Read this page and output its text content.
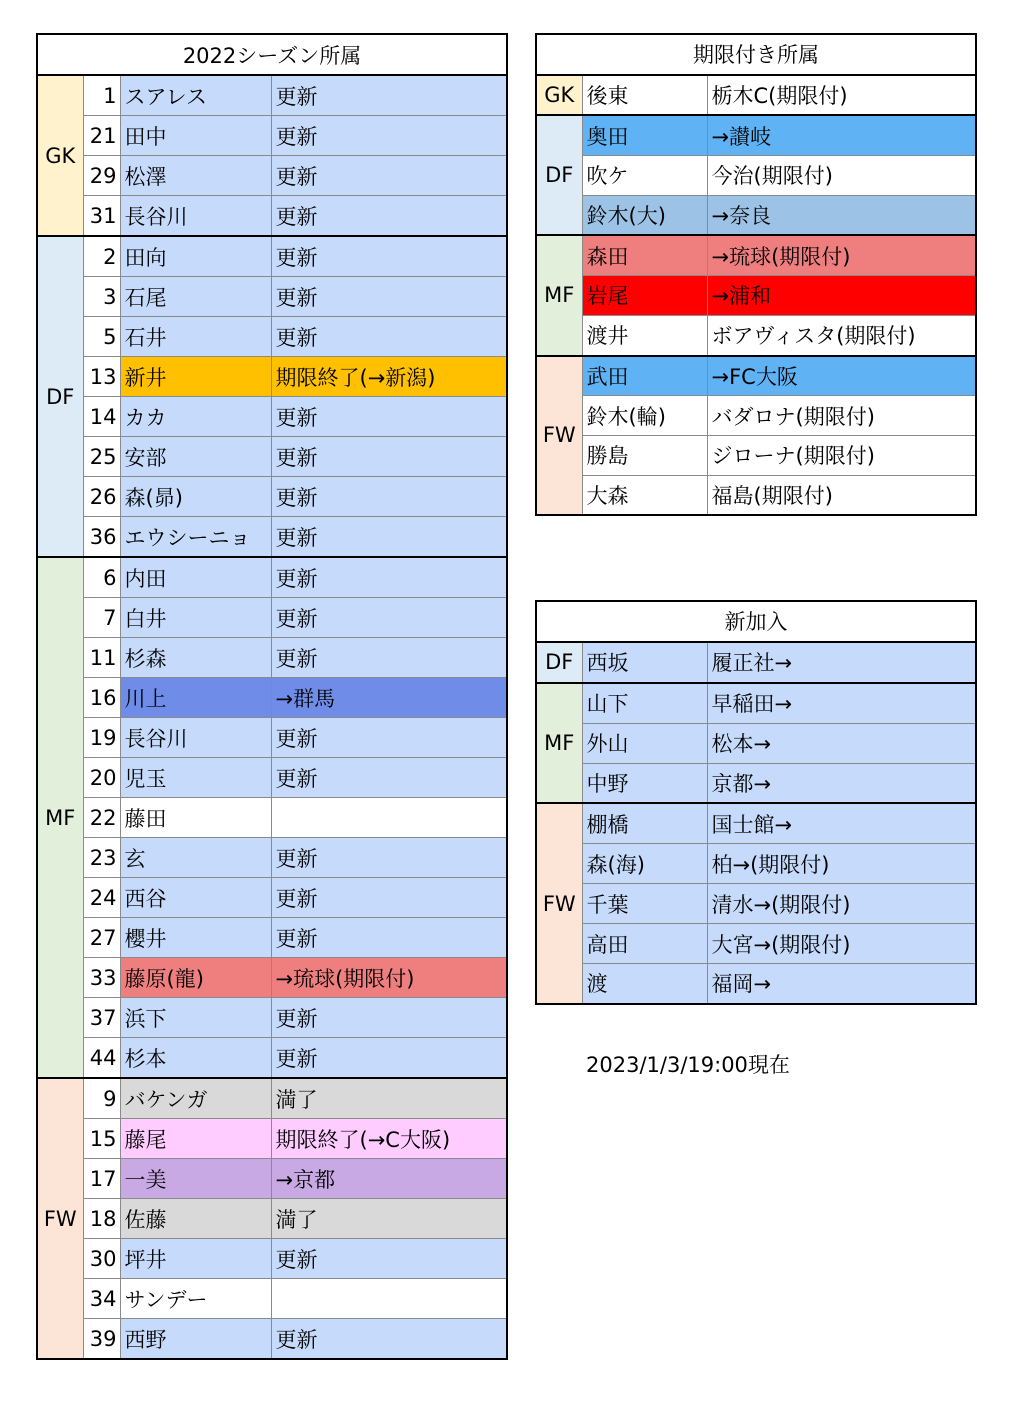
2022シーズン所属			
GK	1	スアレス	更新
	21	田中	更新
	29	松澤	更新
	31	長谷川	更新
DF	2	田向	更新
	3	石尾	更新
	5	石井	更新
	13	新井	期限終了(→新潟)
	14	カカ	更新
	25	安部	更新
	26	森(昴)	更新
	36	エウシーニョ	更新
MF	6	内田	更新
	7	白井	更新
	11	杉森	更新
	16	川上	→群馬
	19	長谷川	更新
	20	児玉	更新
	22	藤田	
	23	玄	更新
	24	西谷	更新
	27	櫻井	更新
	33	藤原(龍)	→琉球(期限付)
	37	浜下	更新
	44	杉本	更新
FW	9	バケンガ	満了
	15	藤尾	期限終了(→C大阪)
	17	一美	→京都
	18	佐藤	満了
	30	坪井	更新
	34	サンデー	
	39	西野	更新
期限付き所属		
GK	後東	栃木C(期限付)
DF	奥田	→讃岐
	吹ケ	今治(期限付)
	鈴木(大)	→奈良
MF	森田	→琉球(期限付)
	岩尾	→浦和
	渡井	ボアヴィスタ(期限付)
FW	武田	→FC大阪
	鈴木(輪)	バダロナ(期限付)
	勝島	ジローナ(期限付)
	大森	福島(期限付)
新加入		
DF	西坂	履正社→
MF	山下	早稲田→
	外山	松本→
	中野	京都→
FW	棚橋	国士館→
	森(海)	柏→(期限付)
	千葉	清水→(期限付)
	高田	大宮→(期限付)
	渡	福岡→
2023/1/3/19:00現在
